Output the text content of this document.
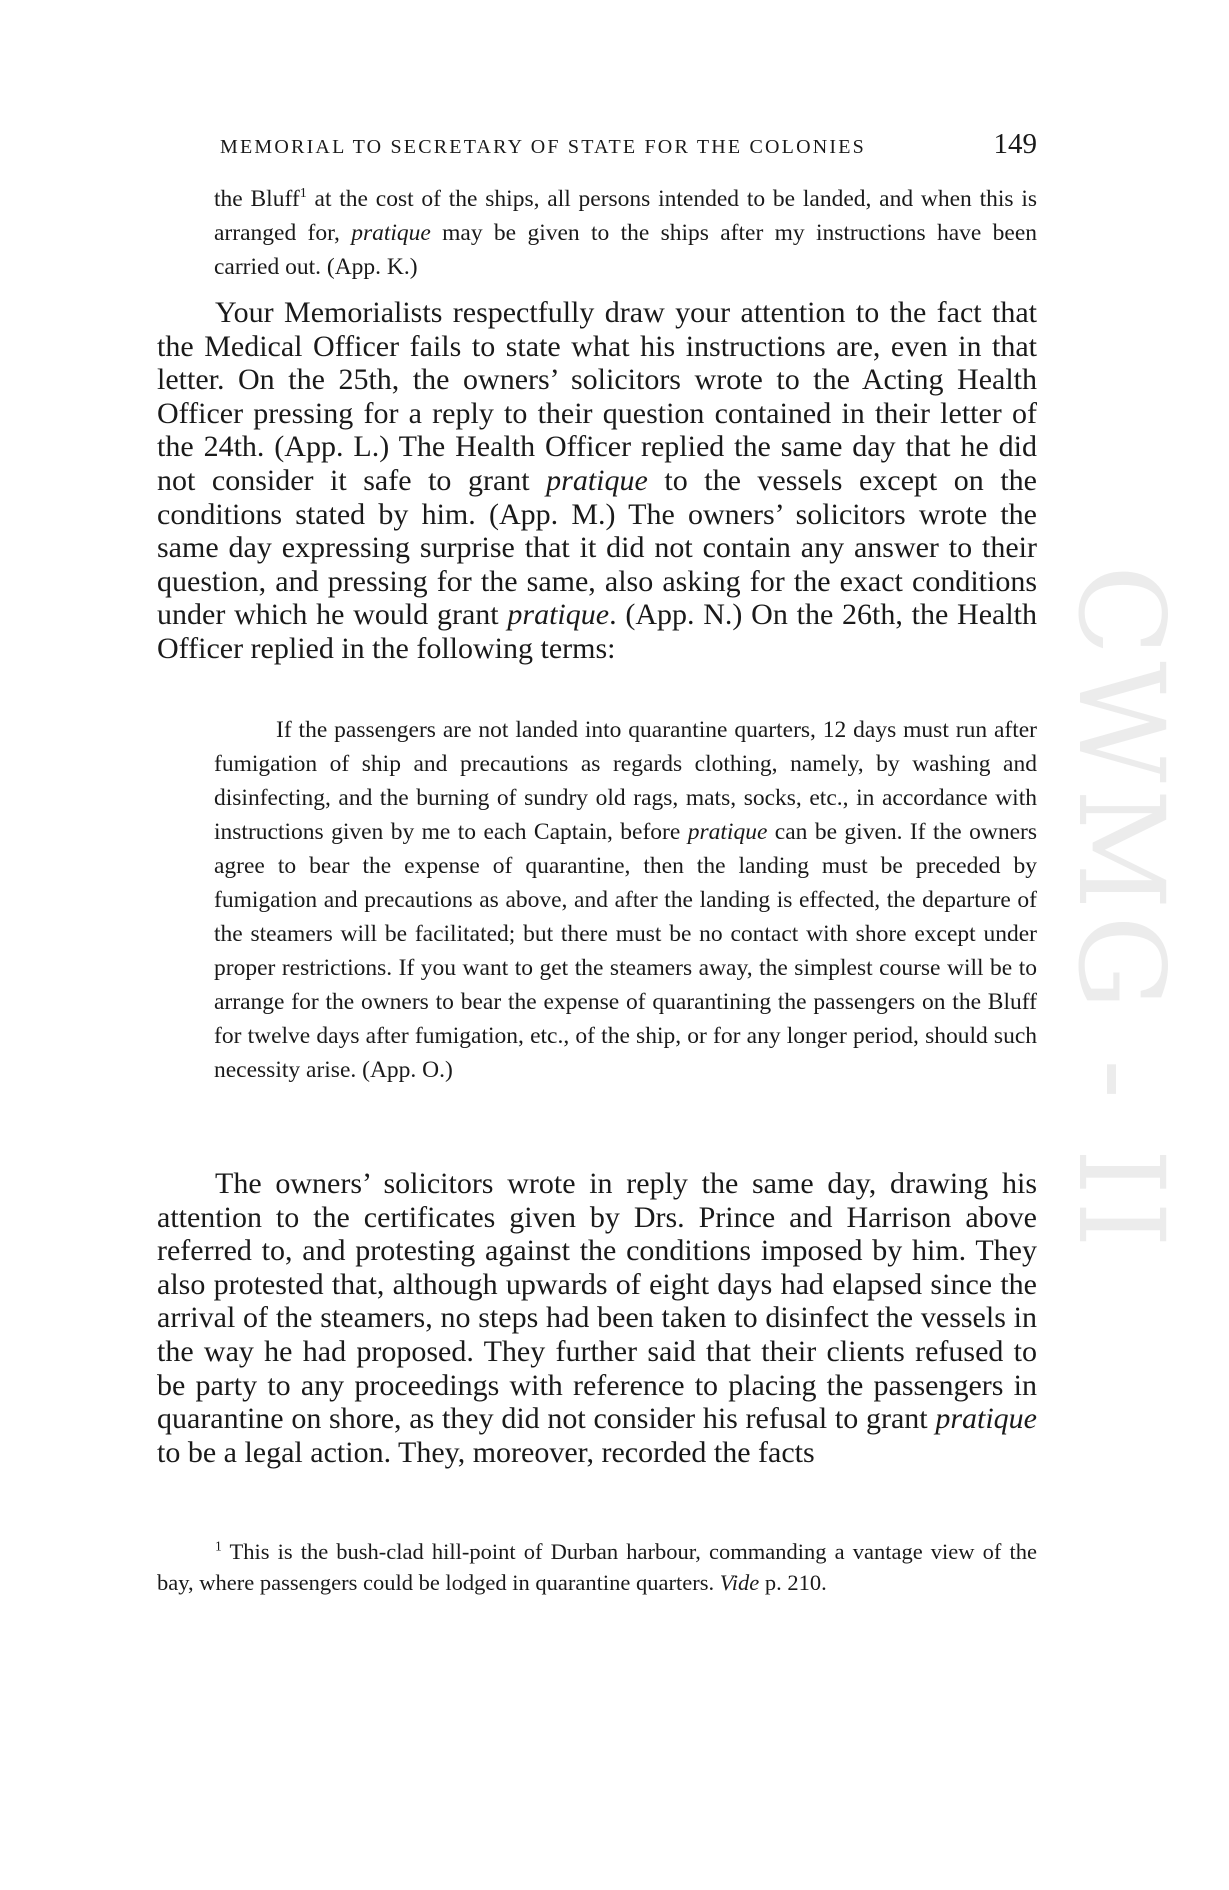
CWMG - II
MEMORIAL TO SECRETARY OF STATE FOR THE COLONIES	149

the Bluff$^1$ at the cost of the ships, all persons intended to be landed, and when this is arranged for, pratique may be given to the ships after my instructions have been carried out. (App. K.)

Your Memorialists respectfully draw your attention to the fact that the Medical Officer fails to state what his instructions are, even in that letter. On the 25th, the owners’ solicitors wrote to the Acting Health Officer pressing for a reply to their question contained in their letter of the 24th. (App. L.) The Health Officer replied the same day that he did not consider it safe to grant pratique to the vessels except on the conditions stated by him. (App. M.) The owners’ solicitors wrote the same day expressing surprise that it did not contain any answer to their question, and pressing for the same, also asking for the exact conditions under which he would grant pratique. (App. N.) On the 26th, the Health Officer replied in the following terms:

If the passengers are not landed into quarantine quarters, 12 days must run after fumigation of ship and precautions as regards clothing, namely, by washing and disinfecting, and the burning of sundry old rags, mats, socks, etc., in accordance with instructions given by me to each Captain, before pratique can be given. If the owners agree to bear the expense of quarantine, then the landing must be preceded by fumigation and precautions as above, and after the landing is effected, the departure of the steamers will be facilitated; but there must be no contact with shore except under proper restrictions. If you want to get the steamers away, the simplest course will be to arrange for the owners to bear the expense of quarantining the passengers on the Bluff for twelve days after fumigation, etc., of the ship, or for any longer period, should such necessity arise. (App. O.)

The owners’ solicitors wrote in reply the same day, drawing his attention to the certificates given by Drs. Prince and Harrison above referred to, and protesting against the conditions imposed by him. They also protested that, although upwards of eight days had elapsed since the arrival of the steamers, no steps had been taken to disinfect the vessels in the way he had proposed. They further said that their clients refused to be party to any proceedings with reference to placing the passengers in quarantine on shore, as they did not consider his refusal to grant pratique to be a legal action. They, moreover, recorded the facts

$^1$ This is the bush-clad hill-point of Durban harbour, commanding a vantage view of the bay, where passengers could be lodged in quarantine quarters. Vide p. 210.
